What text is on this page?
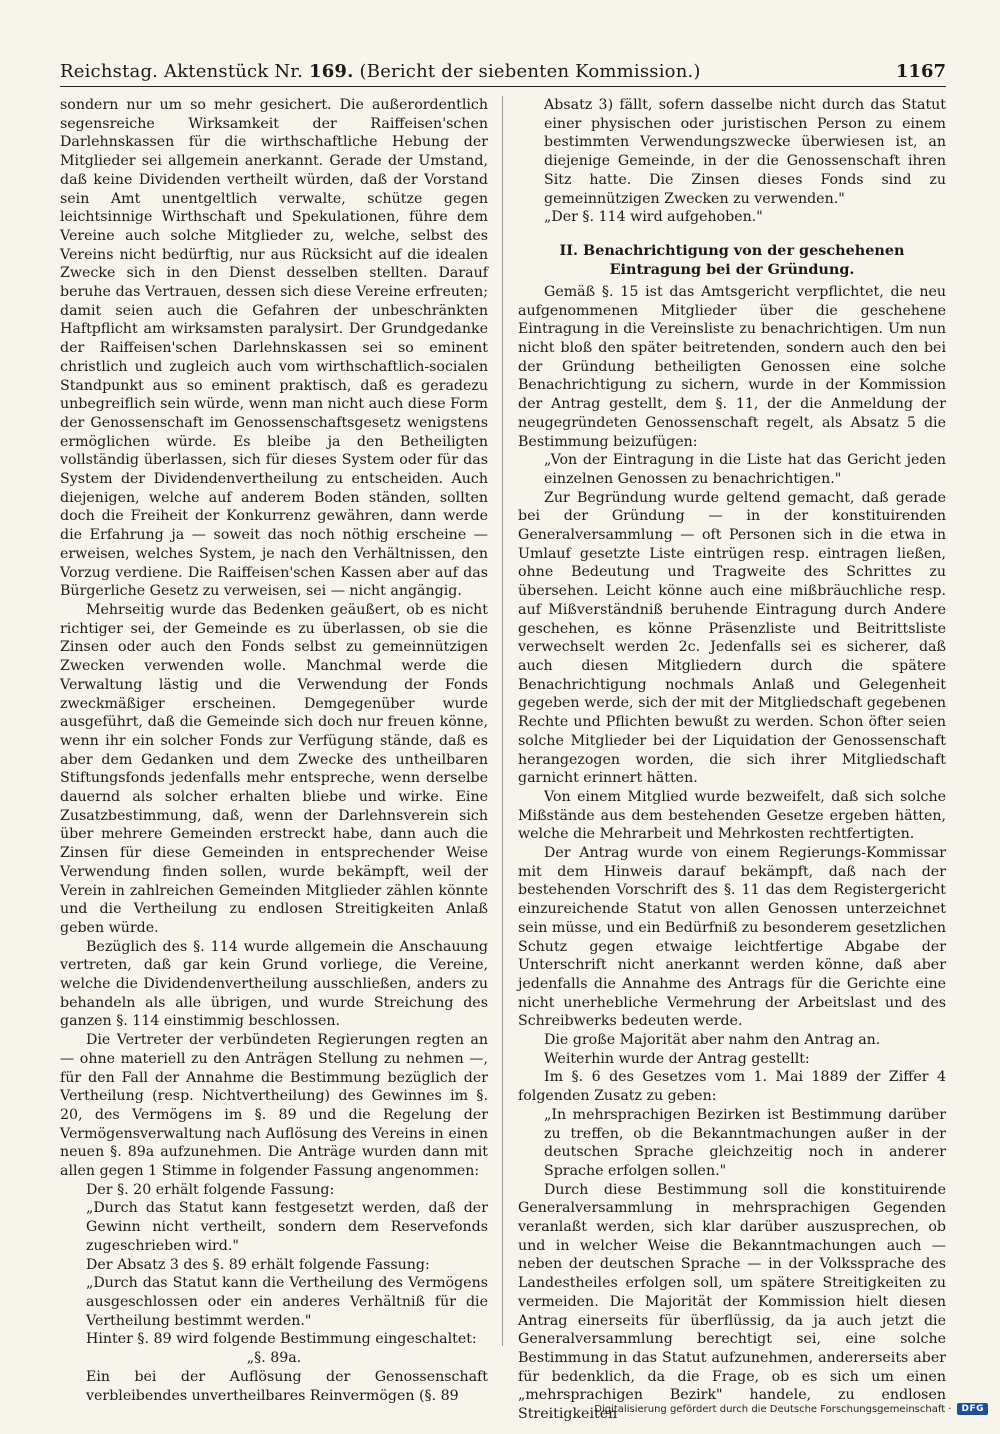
Reichstag. Aktenstück Nr. 169. (Bericht der siebenten Kommission.)	1167

sondern nur um so mehr gesichert. Die außerordentlich segensreiche Wirksamkeit der Raiffeisen'schen Darlehnskassen für die wirthschaftliche Hebung der Mitglieder sei allgemein anerkannt. Gerade der Umstand, daß keine Dividenden vertheilt würden, daß der Vorstand sein Amt unentgeltlich verwalte, schütze gegen leichtsinnige Wirthschaft und Spekulationen, führe dem Vereine auch solche Mitglieder zu, welche, selbst des Vereins nicht bedürftig, nur aus Rücksicht auf die idealen Zwecke sich in den Dienst desselben stellten. Darauf beruhe das Vertrauen, dessen sich diese Vereine erfreuten; damit seien auch die Gefahren der unbeschränkten Haftpflicht am wirksamsten paralysirt. Der Grundgedanke der Raiffeisen'schen Darlehnskassen sei so eminent christlich und zugleich auch vom wirthschaftlich-socialen Standpunkt aus so eminent praktisch, daß es geradezu unbegreiflich sein würde, wenn man nicht auch diese Form der Genossenschaft im Genossenschaftsgesetz wenigstens ermöglichen würde. Es bleibe ja den Betheiligten vollständig überlassen, sich für dieses System oder für das System der Dividendenvertheilung zu entscheiden. Auch diejenigen, welche auf anderem Boden ständen, sollten doch die Freiheit der Konkurrenz gewähren, dann werde die Erfahrung ja — soweit das noch nöthig erscheine — erweisen, welches System, je nach den Verhältnissen, den Vorzug verdiene. Die Raiffeisen'schen Kassen aber auf das Bürgerliche Gesetz zu verweisen, sei — nicht angängig.

Mehrseitig wurde das Bedenken geäußert, ob es nicht richtiger sei, der Gemeinde es zu überlassen, ob sie die Zinsen oder auch den Fonds selbst zu gemeinnützigen Zwecken verwenden wolle. Manchmal werde die Verwaltung lästig und die Verwendung der Fonds zweckmäßiger erscheinen. Demgegenüber wurde ausgeführt, daß die Gemeinde sich doch nur freuen könne, wenn ihr ein solcher Fonds zur Verfügung stände, daß es aber dem Gedanken und dem Zwecke des untheilbaren Stiftungsfonds jedenfalls mehr entspreche, wenn derselbe dauernd als solcher erhalten bliebe und wirke. Eine Zusatzbestimmung, daß, wenn der Darlehnsverein sich über mehrere Gemeinden erstreckt habe, dann auch die Zinsen für diese Gemeinden in entsprechender Weise Verwendung finden sollen, wurde bekämpft, weil der Verein in zahlreichen Gemeinden Mitglieder zählen könnte und die Vertheilung zu endlosen Streitigkeiten Anlaß geben würde.

Bezüglich des §. 114 wurde allgemein die Anschauung vertreten, daß gar kein Grund vorliege, die Vereine, welche die Dividendenvertheilung ausschließen, anders zu behandeln als alle übrigen, und wurde Streichung des ganzen §. 114 einstimmig beschlossen.

Die Vertreter der verbündeten Regierungen regten an — ohne materiell zu den Anträgen Stellung zu nehmen —, für den Fall der Annahme die Bestimmung bezüglich der Vertheilung (resp. Nichtvertheilung) des Gewinnes im §. 20, des Vermögens im §. 89 und die Regelung der Vermögensverwaltung nach Auflösung des Vereins in einen neuen §. 89a aufzunehmen. Die Anträge wurden dann mit allen gegen 1 Stimme in folgender Fassung angenommen:

Der §. 20 erhält folgende Fassung:

„Durch das Statut kann festgesetzt werden, daß der Gewinn nicht vertheilt, sondern dem Reservefonds zugeschrieben wird."

Der Absatz 3 des §. 89 erhält folgende Fassung:

„Durch das Statut kann die Vertheilung des Vermögens ausgeschlossen oder ein anderes Verhältniß für die Vertheilung bestimmt werden."

Hinter §. 89 wird folgende Bestimmung eingeschaltet:

„§. 89a.

Ein bei der Auflösung der Genossenschaft verbleibendes unvertheilbares Reinvermögen (§. 89

Absatz 3) fällt, sofern dasselbe nicht durch das Statut einer physischen oder juristischen Person zu einem bestimmten Verwendungszwecke überwiesen ist, an diejenige Gemeinde, in der die Genossenschaft ihren Sitz hatte. Die Zinsen dieses Fonds sind zu gemeinnützigen Zwecken zu verwenden."

„Der §. 114 wird aufgehoben."

II. Benachrichtigung von der geschehenen Eintragung bei der Gründung.

Gemäß §. 15 ist das Amtsgericht verpflichtet, die neu aufgenommenen Mitglieder über die geschehene Eintragung in die Vereinsliste zu benachrichtigen. Um nun nicht bloß den später beitretenden, sondern auch den bei der Gründung betheiligten Genossen eine solche Benachrichtigung zu sichern, wurde in der Kommission der Antrag gestellt, dem §. 11, der die Anmeldung der neugegründeten Genossenschaft regelt, als Absatz 5 die Bestimmung beizufügen:

„Von der Eintragung in die Liste hat das Gericht jeden einzelnen Genossen zu benachrichtigen."

Zur Begründung wurde geltend gemacht, daß gerade bei der Gründung — in der konstituirenden Generalversammlung — oft Personen sich in die etwa in Umlauf gesetzte Liste eintrügen resp. eintragen ließen, ohne Bedeutung und Tragweite des Schrittes zu übersehen. Leicht könne auch eine mißbräuchliche resp. auf Mißverständniß beruhende Eintragung durch Andere geschehen, es könne Präsenzliste und Beitrittsliste verwechselt werden 2c. Jedenfalls sei es sicherer, daß auch diesen Mitgliedern durch die spätere Benachrichtigung nochmals Anlaß und Gelegenheit gegeben werde, sich der mit der Mitgliedschaft gegebenen Rechte und Pflichten bewußt zu werden. Schon öfter seien solche Mitglieder bei der Liquidation der Genossenschaft herangezogen worden, die sich ihrer Mitgliedschaft garnicht erinnert hätten.

Von einem Mitglied wurde bezweifelt, daß sich solche Mißstände aus dem bestehenden Gesetze ergeben hätten, welche die Mehrarbeit und Mehrkosten rechtfertigten.

Der Antrag wurde von einem Regierungs-Kommissar mit dem Hinweis darauf bekämpft, daß nach der bestehenden Vorschrift des §. 11 das dem Registergericht einzureichende Statut von allen Genossen unterzeichnet sein müsse, und ein Bedürfniß zu besonderem gesetzlichen Schutz gegen etwaige leichtfertige Abgabe der Unterschrift nicht anerkannt werden könne, daß aber jedenfalls die Annahme des Antrags für die Gerichte eine nicht unerhebliche Vermehrung der Arbeitslast und des Schreibwerks bedeuten werde.

Die große Majorität aber nahm den Antrag an.

Weiterhin wurde der Antrag gestellt:

Im §. 6 des Gesetzes vom 1. Mai 1889 der Ziffer 4 folgenden Zusatz zu geben:

„In mehrsprachigen Bezirken ist Bestimmung darüber zu treffen, ob die Bekanntmachungen außer in der deutschen Sprache gleichzeitig noch in anderer Sprache erfolgen sollen."

Durch diese Bestimmung soll die konstituirende Generalversammlung in mehrsprachigen Gegenden veranlaßt werden, sich klar darüber auszusprechen, ob und in welcher Weise die Bekanntmachungen auch — neben der deutschen Sprache — in der Volkssprache des Landestheiles erfolgen soll, um spätere Streitigkeiten zu vermeiden. Die Majorität der Kommission hielt diesen Antrag einerseits für überflüssig, da ja auch jetzt die Generalversammlung berechtigt sei, eine solche Bestimmung in das Statut aufzunehmen, andererseits aber für bedenklich, da die Frage, ob es sich um einen „mehrsprachigen Bezirk" handele, zu endlosen Streitigkeiten

Digitalisierung gefördert durch die Deutsche Forschungsgemeinschaft ·	DFG
